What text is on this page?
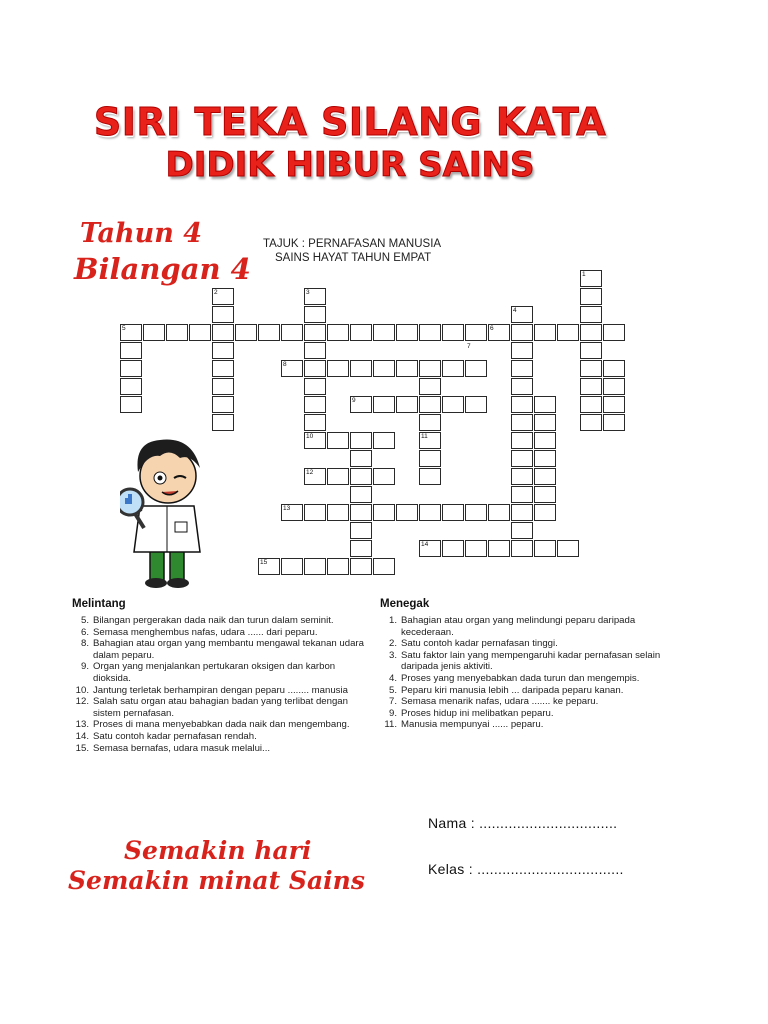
SIRI TEKA SILANG KATA
DIDIK HIBUR SAINS
Tahun 4
Bilangan 4
TAJUK : PERNAFASAN MANUSIA
SAINS HAYAT TAHUN EMPAT
1
2	3
4
5	6
7
8
9
10	11
12
13
14
15
Melintang
5. Bilangan pergerakan dada naik dan turun dalam seminit.
6. Semasa menghembus nafas, udara ...... dari peparu.
8. Bahagian atau organ yang membantu mengawal tekanan udara dalam peparu.
9. Organ yang menjalankan pertukaran oksigen dan karbon dioksida.
10. Jantung terletak berhampiran dengan peparu ........ manusia
12. Salah satu organ atau bahagian badan yang terlibat dengan sistem pernafasan.
13. Proses di mana menyebabkan dada naik dan mengembang.
14. Satu contoh kadar pernafasan rendah.
15. Semasa bernafas, udara masuk melalui...
Menegak
1. Bahagian atau organ yang melindungi peparu daripada kecederaan.
2. Satu contoh kadar pernafasan tinggi.
3. Satu faktor lain yang mempengaruhi kadar pernafasan selain daripada jenis aktiviti.
4. Proses yang menyebabkan dada turun dan mengempis.
5. Peparu kiri manusia lebih ... daripada peparu kanan.
7. Semasa menarik nafas, udara ....... ke peparu.
9. Proses hidup ini melibatkan peparu.
11. Manusia mempunyai ...... peparu.
Semakin hari
Semakin minat Sains
Nama : .................................
Kelas : ...................................
